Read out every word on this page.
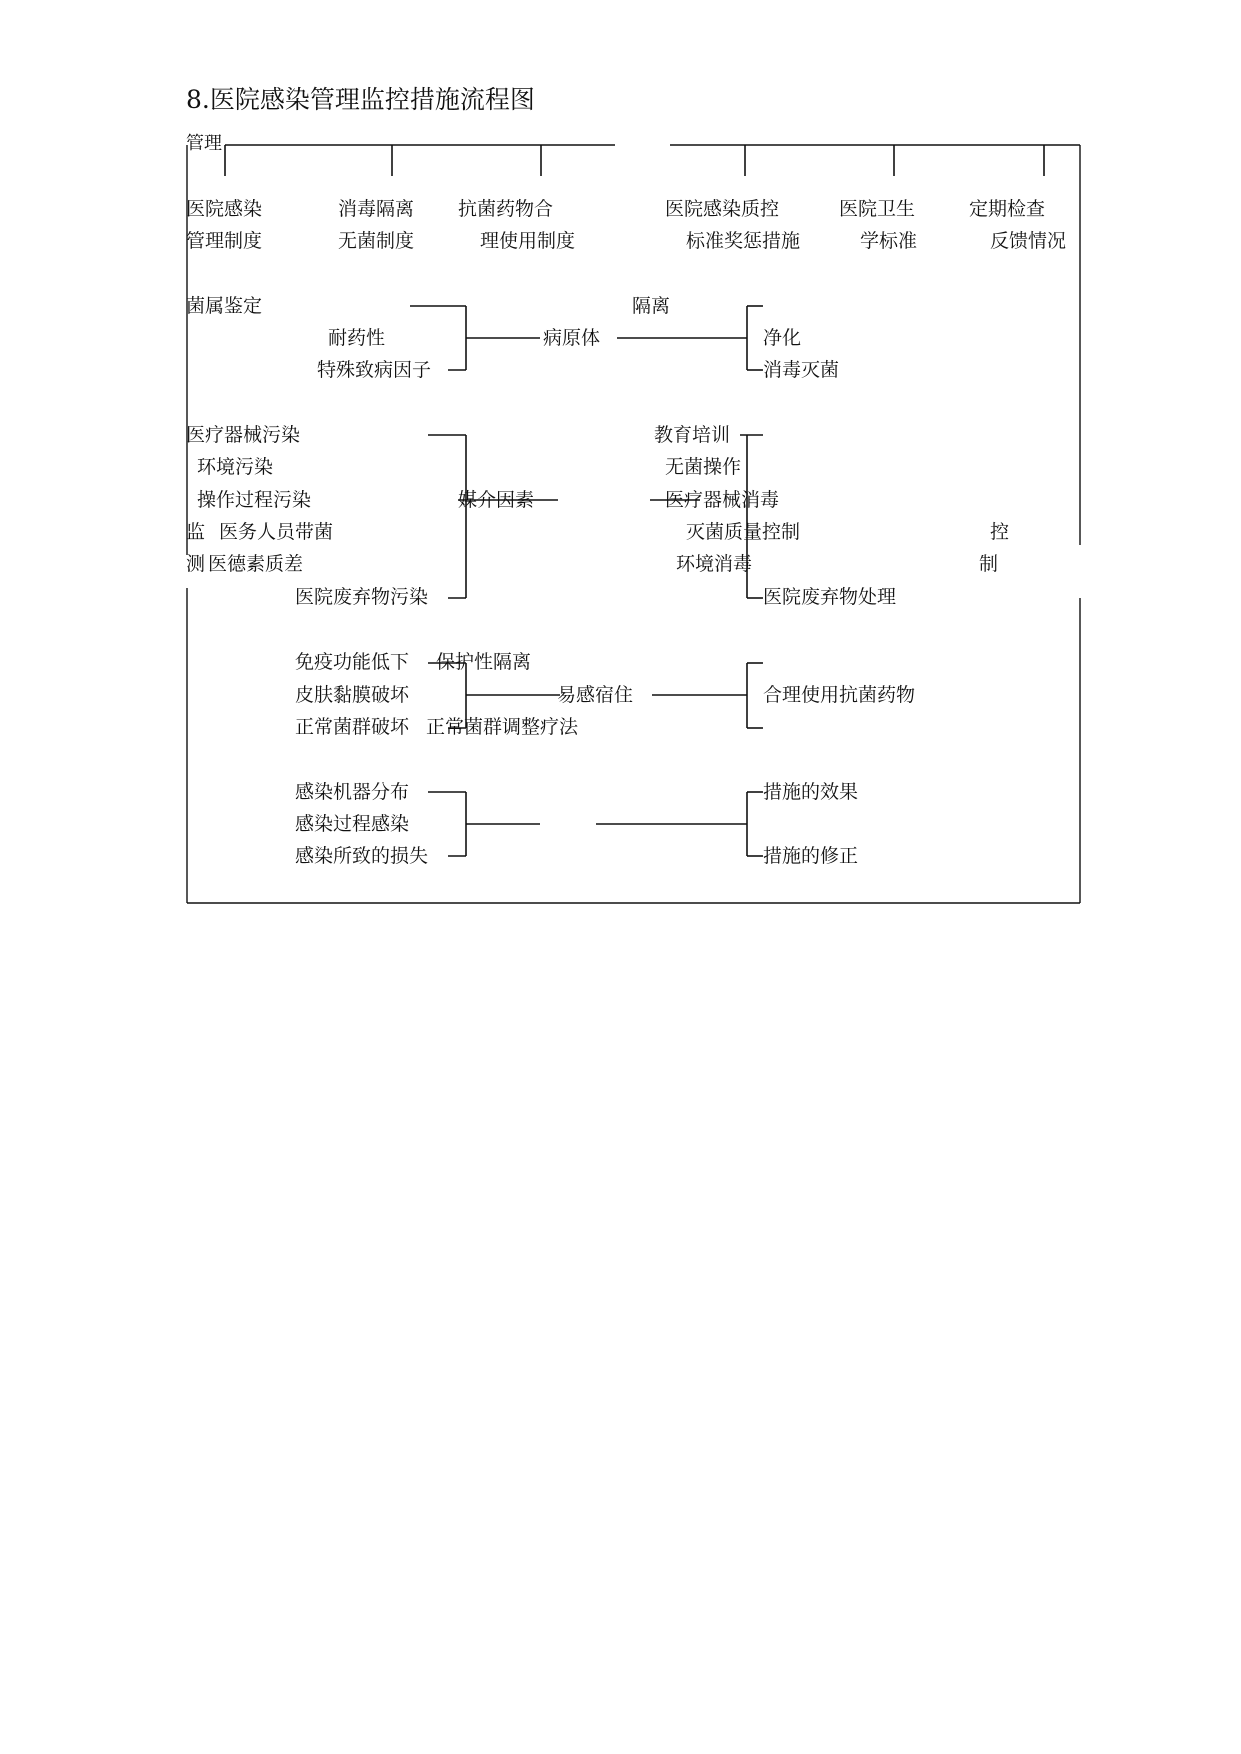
8.医院感染管理监控措施流程图
管理
医院感染
管理制度
消毒隔离
无菌制度
抗菌药物合
理使用制度
医院感染质控
标准奖惩措施
医院卫生
学标准
定期检查
反馈情况
菌属鉴定
耐药性
特殊致病因子
病原体
隔离
净化
消毒灭菌
医疗器械污染
环境污染
操作过程污染
监 医务人员带菌
测 医德素质差
医院废弃物污染
媒介因素
教育培训
无菌操作
医疗器械消毒
灭菌质量控制
环境消毒
医院废弃物处理
控
制
免疫功能低下
皮肤黏膜破坏
正常菌群破坏
易感宿住
保护性隔离
合理使用抗菌药物
正常菌群调整疗法
感染机器分布
感染过程感染
感染所致的损失
措施的效果
措施的修正
